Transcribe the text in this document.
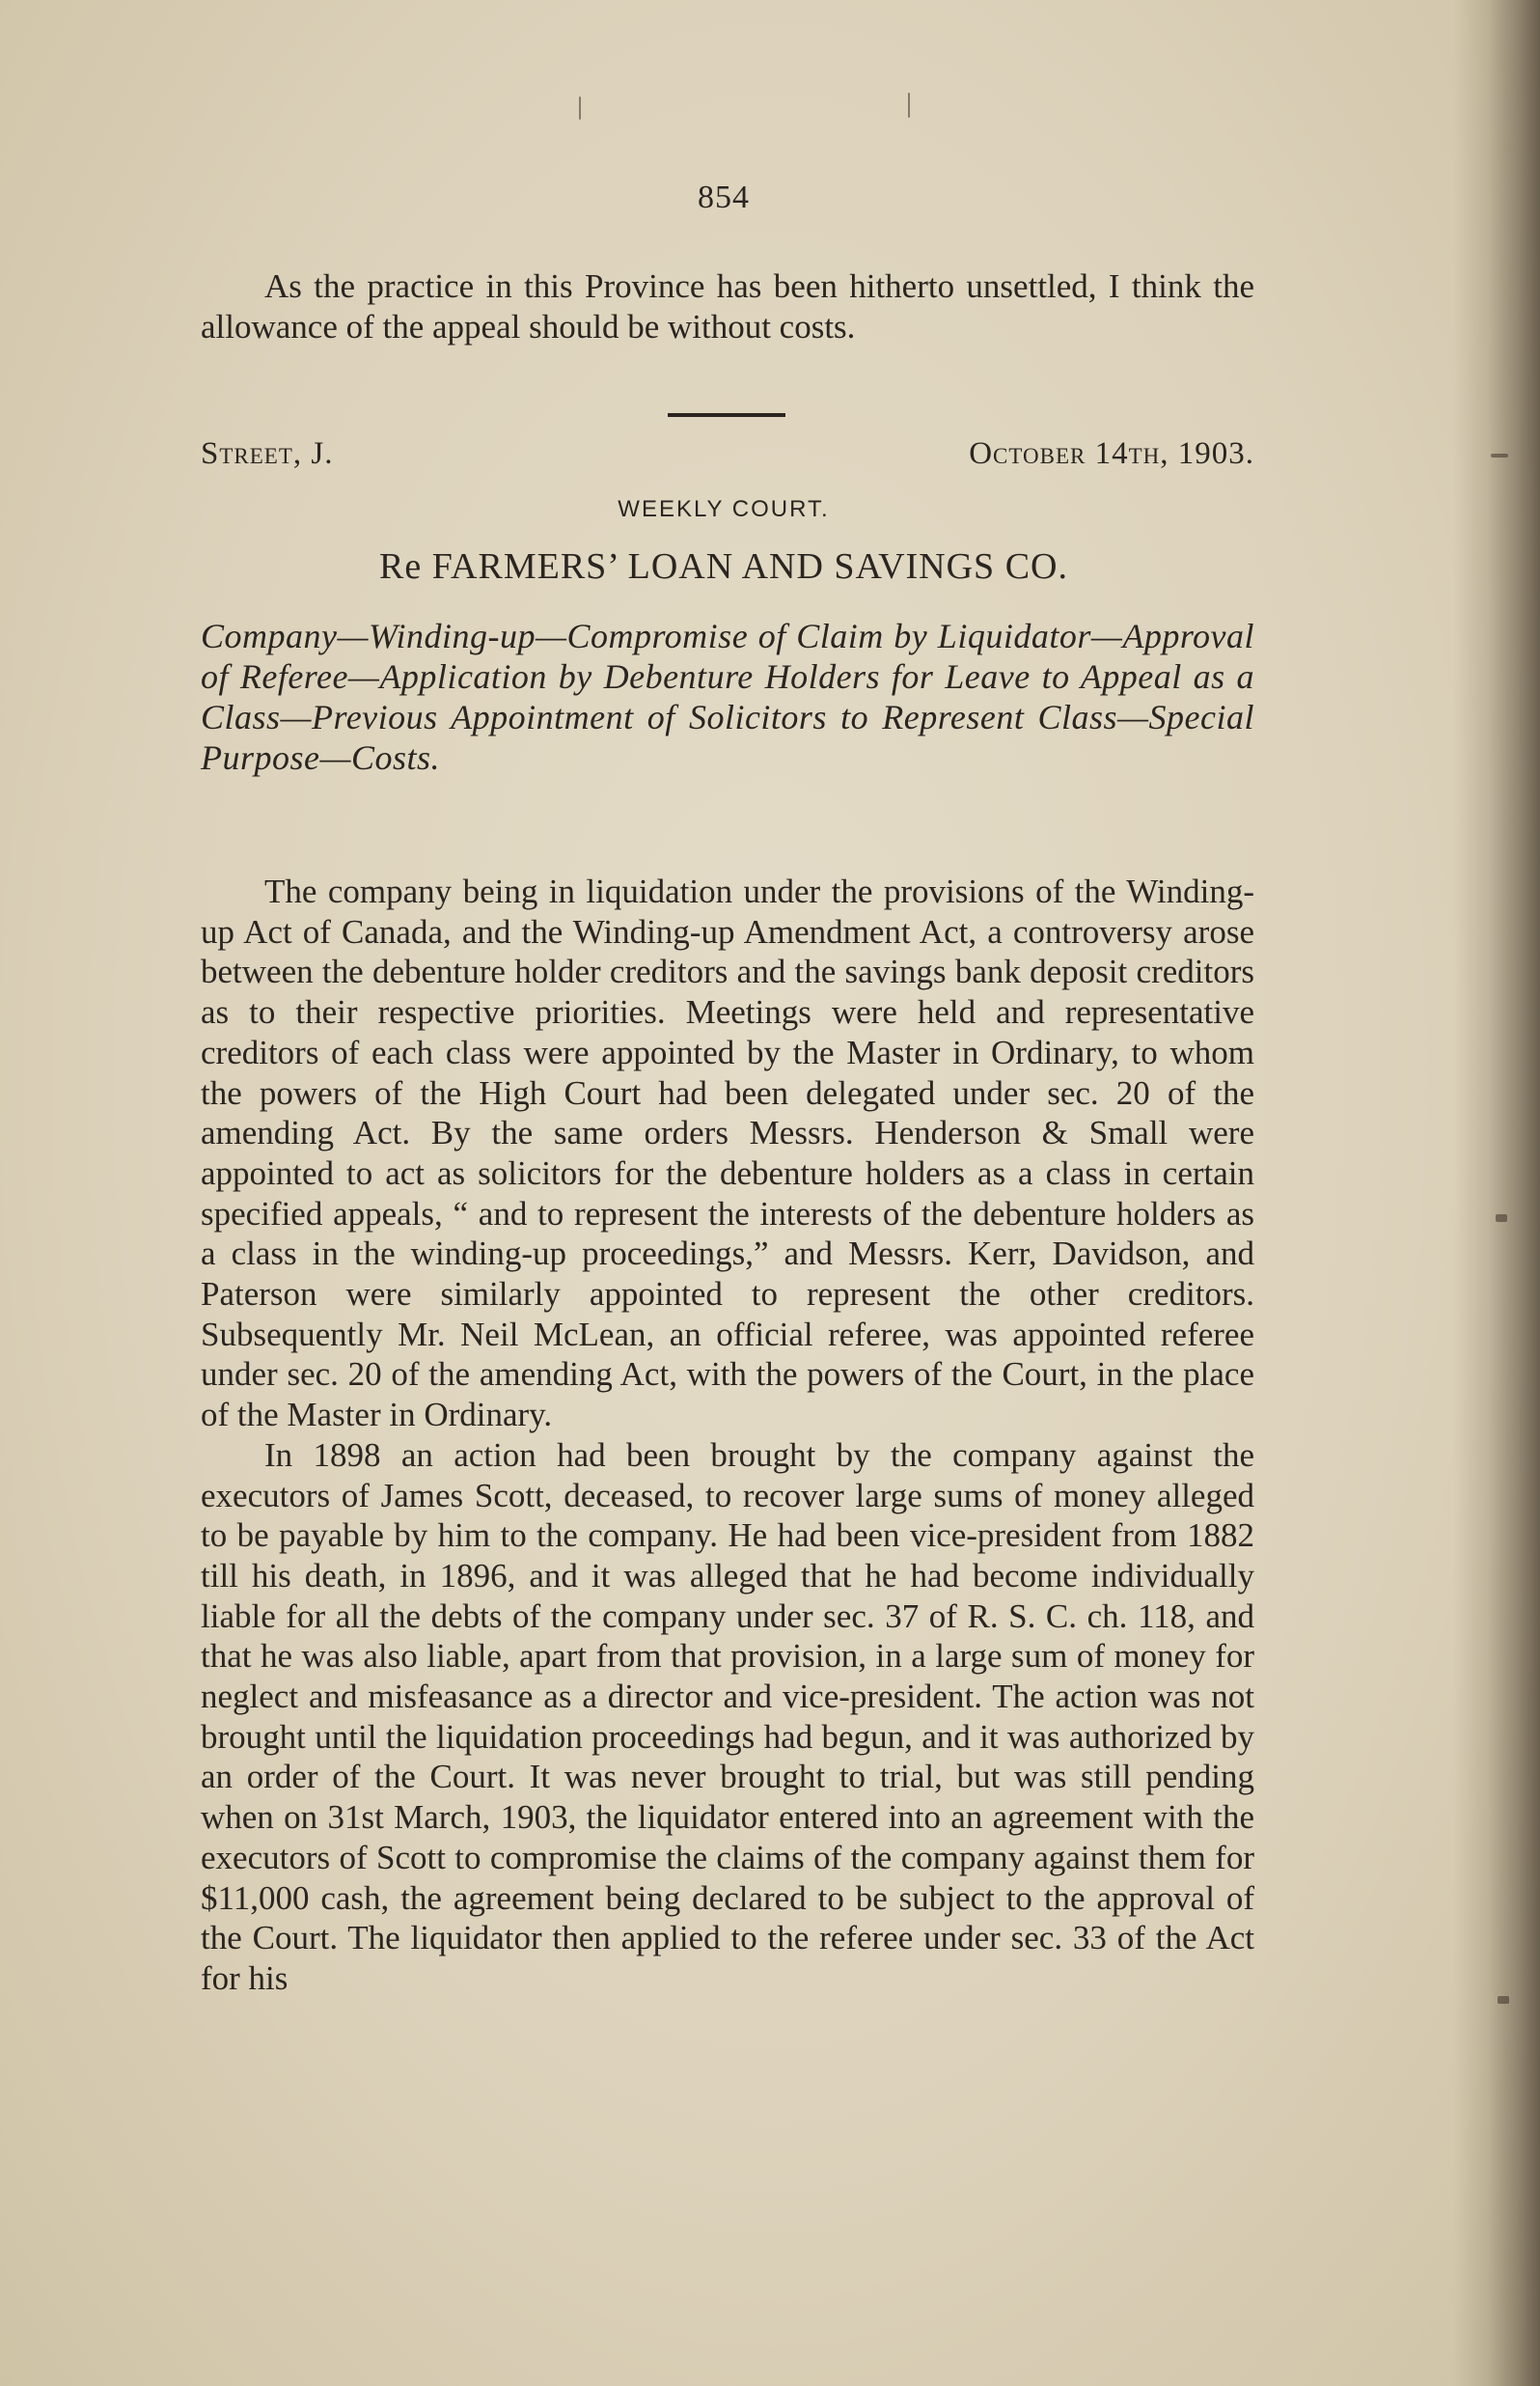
854

As the practice in this Province has been hitherto unsettled, I think the allowance of the appeal should be without costs.

Street, J.	October 14th, 1903.
WEEKLY COURT.
Re FARMERS’ LOAN AND SAVINGS CO.

Company—Winding-up—Compromise of Claim by Liquidator—Approval of Referee—Application by Debenture Holders for Leave to Appeal as a Class—Previous Appointment of Solicitors to Represent Class—Special Purpose—Costs.

The company being in liquidation under the provisions of the Winding-up Act of Canada, and the Winding-up Amendment Act, a controversy arose between the debenture holder creditors and the savings bank deposit creditors as to their respective priorities. Meetings were held and representative creditors of each class were appointed by the Master in Ordinary, to whom the powers of the High Court had been delegated under sec. 20 of the amending Act. By the same orders Messrs. Henderson & Small were appointed to act as solicitors for the debenture holders as a class in certain specified appeals, “ and to represent the interests of the debenture holders as a class in the winding-up proceedings,” and Messrs. Kerr, Davidson, and Paterson were similarly appointed to represent the other creditors. Subsequently Mr. Neil McLean, an official referee, was appointed referee under sec. 20 of the amending Act, with the powers of the Court, in the place of the Master in Ordinary.

In 1898 an action had been brought by the company against the executors of James Scott, deceased, to recover large sums of money alleged to be payable by him to the company. He had been vice-president from 1882 till his death, in 1896, and it was alleged that he had become individually liable for all the debts of the company under sec. 37 of R. S. C. ch. 118, and that he was also liable, apart from that provision, in a large sum of money for neglect and misfeasance as a director and vice-president. The action was not brought until the liquidation proceedings had begun, and it was authorized by an order of the Court. It was never brought to trial, but was still pending when on 31st March, 1903, the liquidator entered into an agreement with the executors of Scott to compromise the claims of the company against them for $11,000 cash, the agreement being declared to be subject to the approval of the Court. The liquidator then applied to the referee under sec. 33 of the Act for his
